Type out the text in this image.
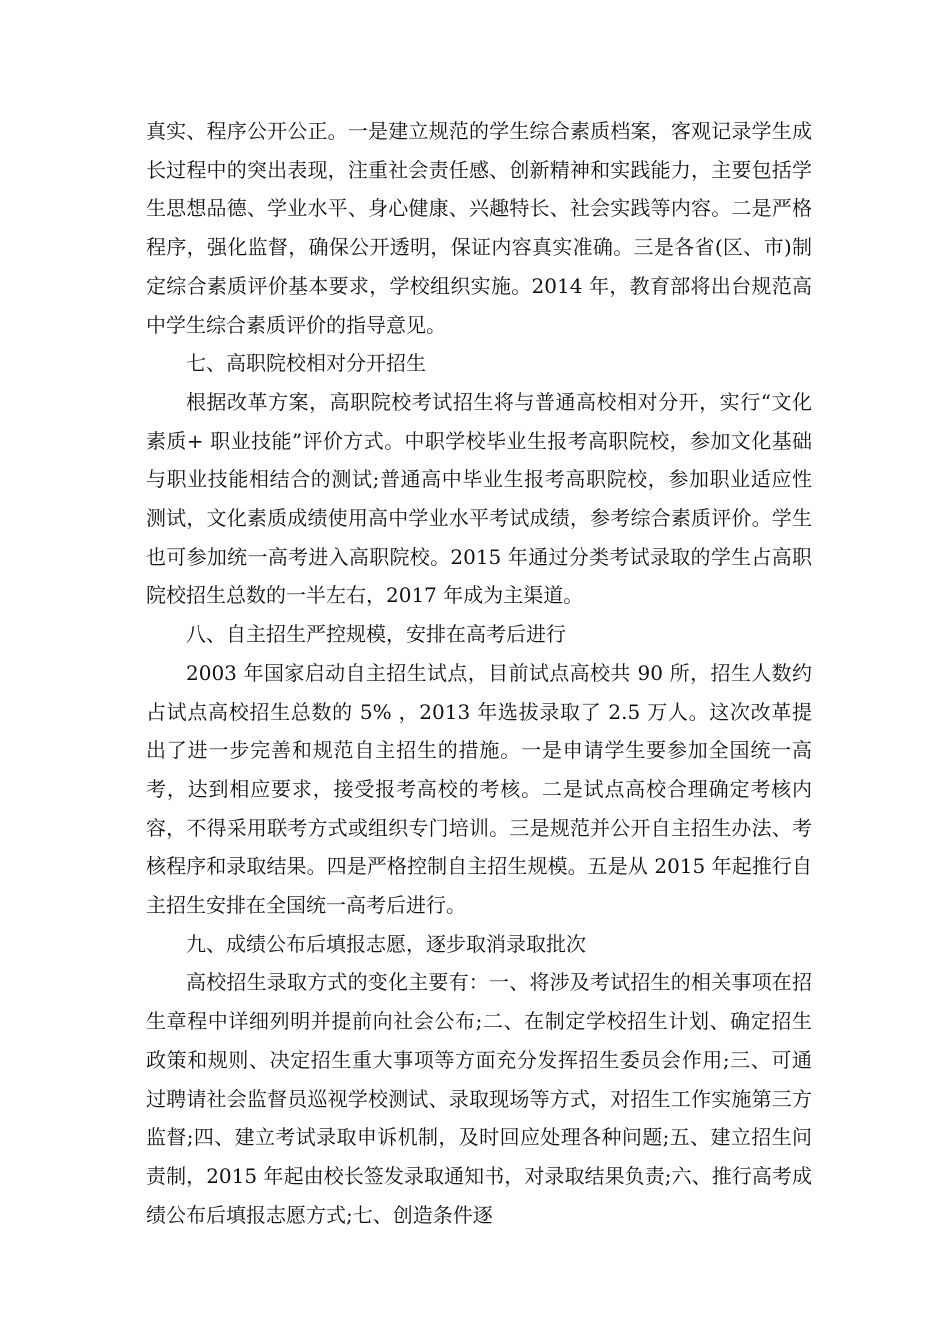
真实、程序公开公正。一是建立规范的学生综合素质档案，客观记录学生成长过程中的突出表现，注重社会责任感、创新精神和实践能力，主要包括学生思想品德、学业水平、身心健康、兴趣特长、社会实践等内容。二是严格程序，强化监督，确保公开透明，保证内容真实准确。三是各省(区、市)制定综合素质评价基本要求，学校组织实施。2014 年，教育部将出台规范高中学生综合素质评价的指导意见。

七、高职院校相对分开招生

根据改革方案，高职院校考试招生将与普通高校相对分开，实行“文化素质+ 职业技能”评价方式。中职学校毕业生报考高职院校，参加文化基础与职业技能相结合的测试;普通高中毕业生报考高职院校，参加职业适应性测试，文化素质成绩使用高中学业水平考试成绩，参考综合素质评价。学生也可参加统一高考进入高职院校。2015 年通过分类考试录取的学生占高职院校招生总数的一半左右，2017 年成为主渠道。

八、自主招生严控规模，安排在高考后进行

2003 年国家启动自主招生试点，目前试点高校共 90 所，招生人数约占试点高校招生总数的 5% ，2013 年选拔录取了 2.5 万人。这次改革提出了进一步完善和规范自主招生的措施。一是申请学生要参加全国统一高考，达到相应要求，接受报考高校的考核。二是试点高校合理确定考核内容，不得采用联考方式或组织专门培训。三是规范并公开自主招生办法、考核程序和录取结果。四是严格控制自主招生规模。五是从 2015 年起推行自主招生安排在全国统一高考后进行。

九、成绩公布后填报志愿，逐步取消录取批次

高校招生录取方式的变化主要有：一、将涉及考试招生的相关事项在招生章程中详细列明并提前向社会公布;二、在制定学校招生计划、确定招生政策和规则、决定招生重大事项等方面充分发挥招生委员会作用;三、可通过聘请社会监督员巡视学校测试、录取现场等方式，对招生工作实施第三方监督;四、建立考试录取申诉机制，及时回应处理各种问题;五、建立招生问责制，2015 年起由校长签发录取通知书，对录取结果负责;六、推行高考成绩公布后填报志愿方式;七、创造条件逐
